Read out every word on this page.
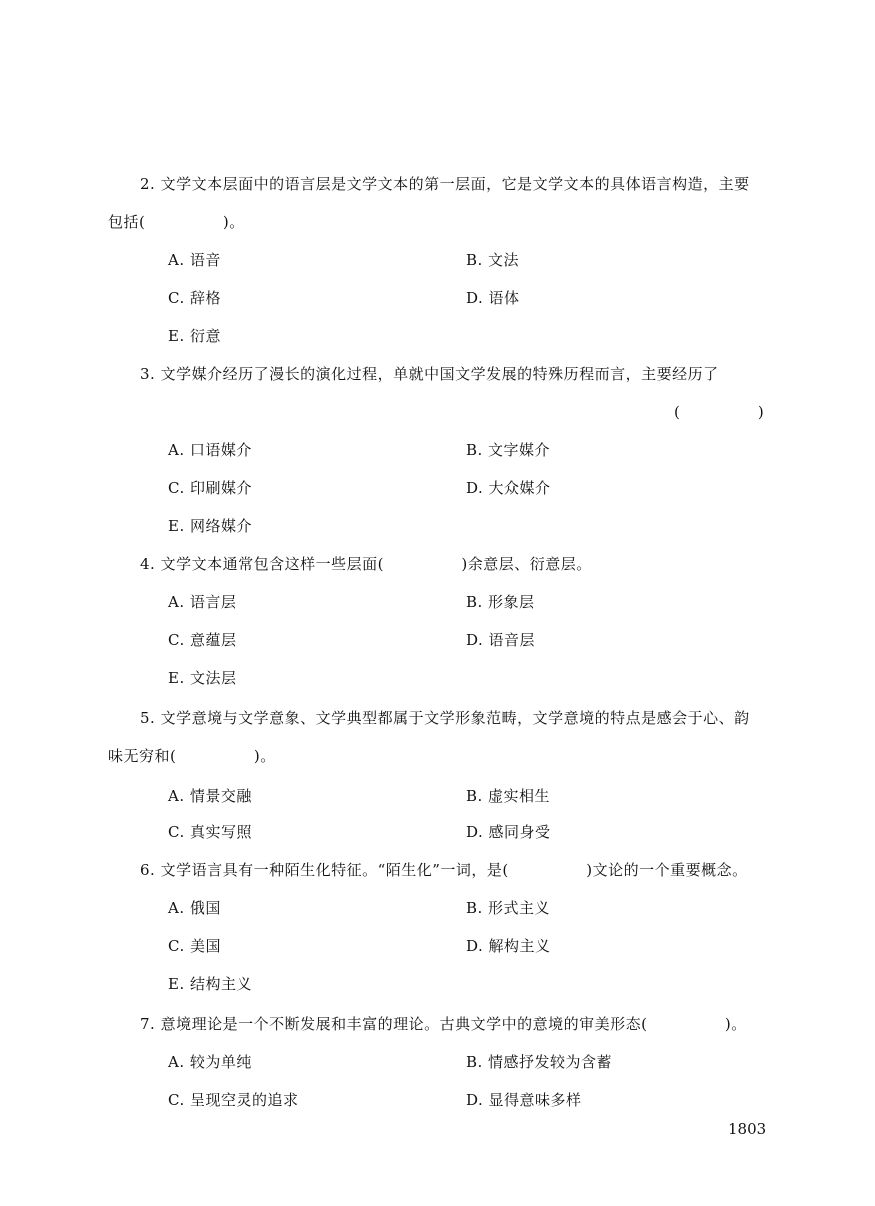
2. 文学文本层面中的语言层是文学文本的第一层面，它是文学文本的具体语言构造，主要
包括(　　　　　)。
A. 语音	B. 文法
C. 辞格	D. 语体
E. 衍意
3. 文学媒介经历了漫长的演化过程，单就中国文学发展的特殊历程而言，主要经历了
(　　　　　)
A. 口语媒介	B. 文字媒介
C. 印刷媒介	D. 大众媒介
E. 网络媒介
4. 文学文本通常包含这样一些层面(　　　　　)余意层、衍意层。
A. 语言层	B. 形象层
C. 意蕴层	D. 语音层
E. 文法层
5. 文学意境与文学意象、文学典型都属于文学形象范畴，文学意境的特点是感会于心、韵
味无穷和(　　　　　)。
A. 情景交融	B. 虚实相生
C. 真实写照	D. 感同身受
6. 文学语言具有一种陌生化特征。“陌生化”一词，是(　　　　　)文论的一个重要概念。
A. 俄国	B. 形式主义
C. 美国	D. 解构主义
E. 结构主义
7. 意境理论是一个不断发展和丰富的理论。古典文学中的意境的审美形态(　　　　　)。
A. 较为单纯	B. 情感抒发较为含蓄
C. 呈现空灵的追求	D. 显得意味多样
1803
